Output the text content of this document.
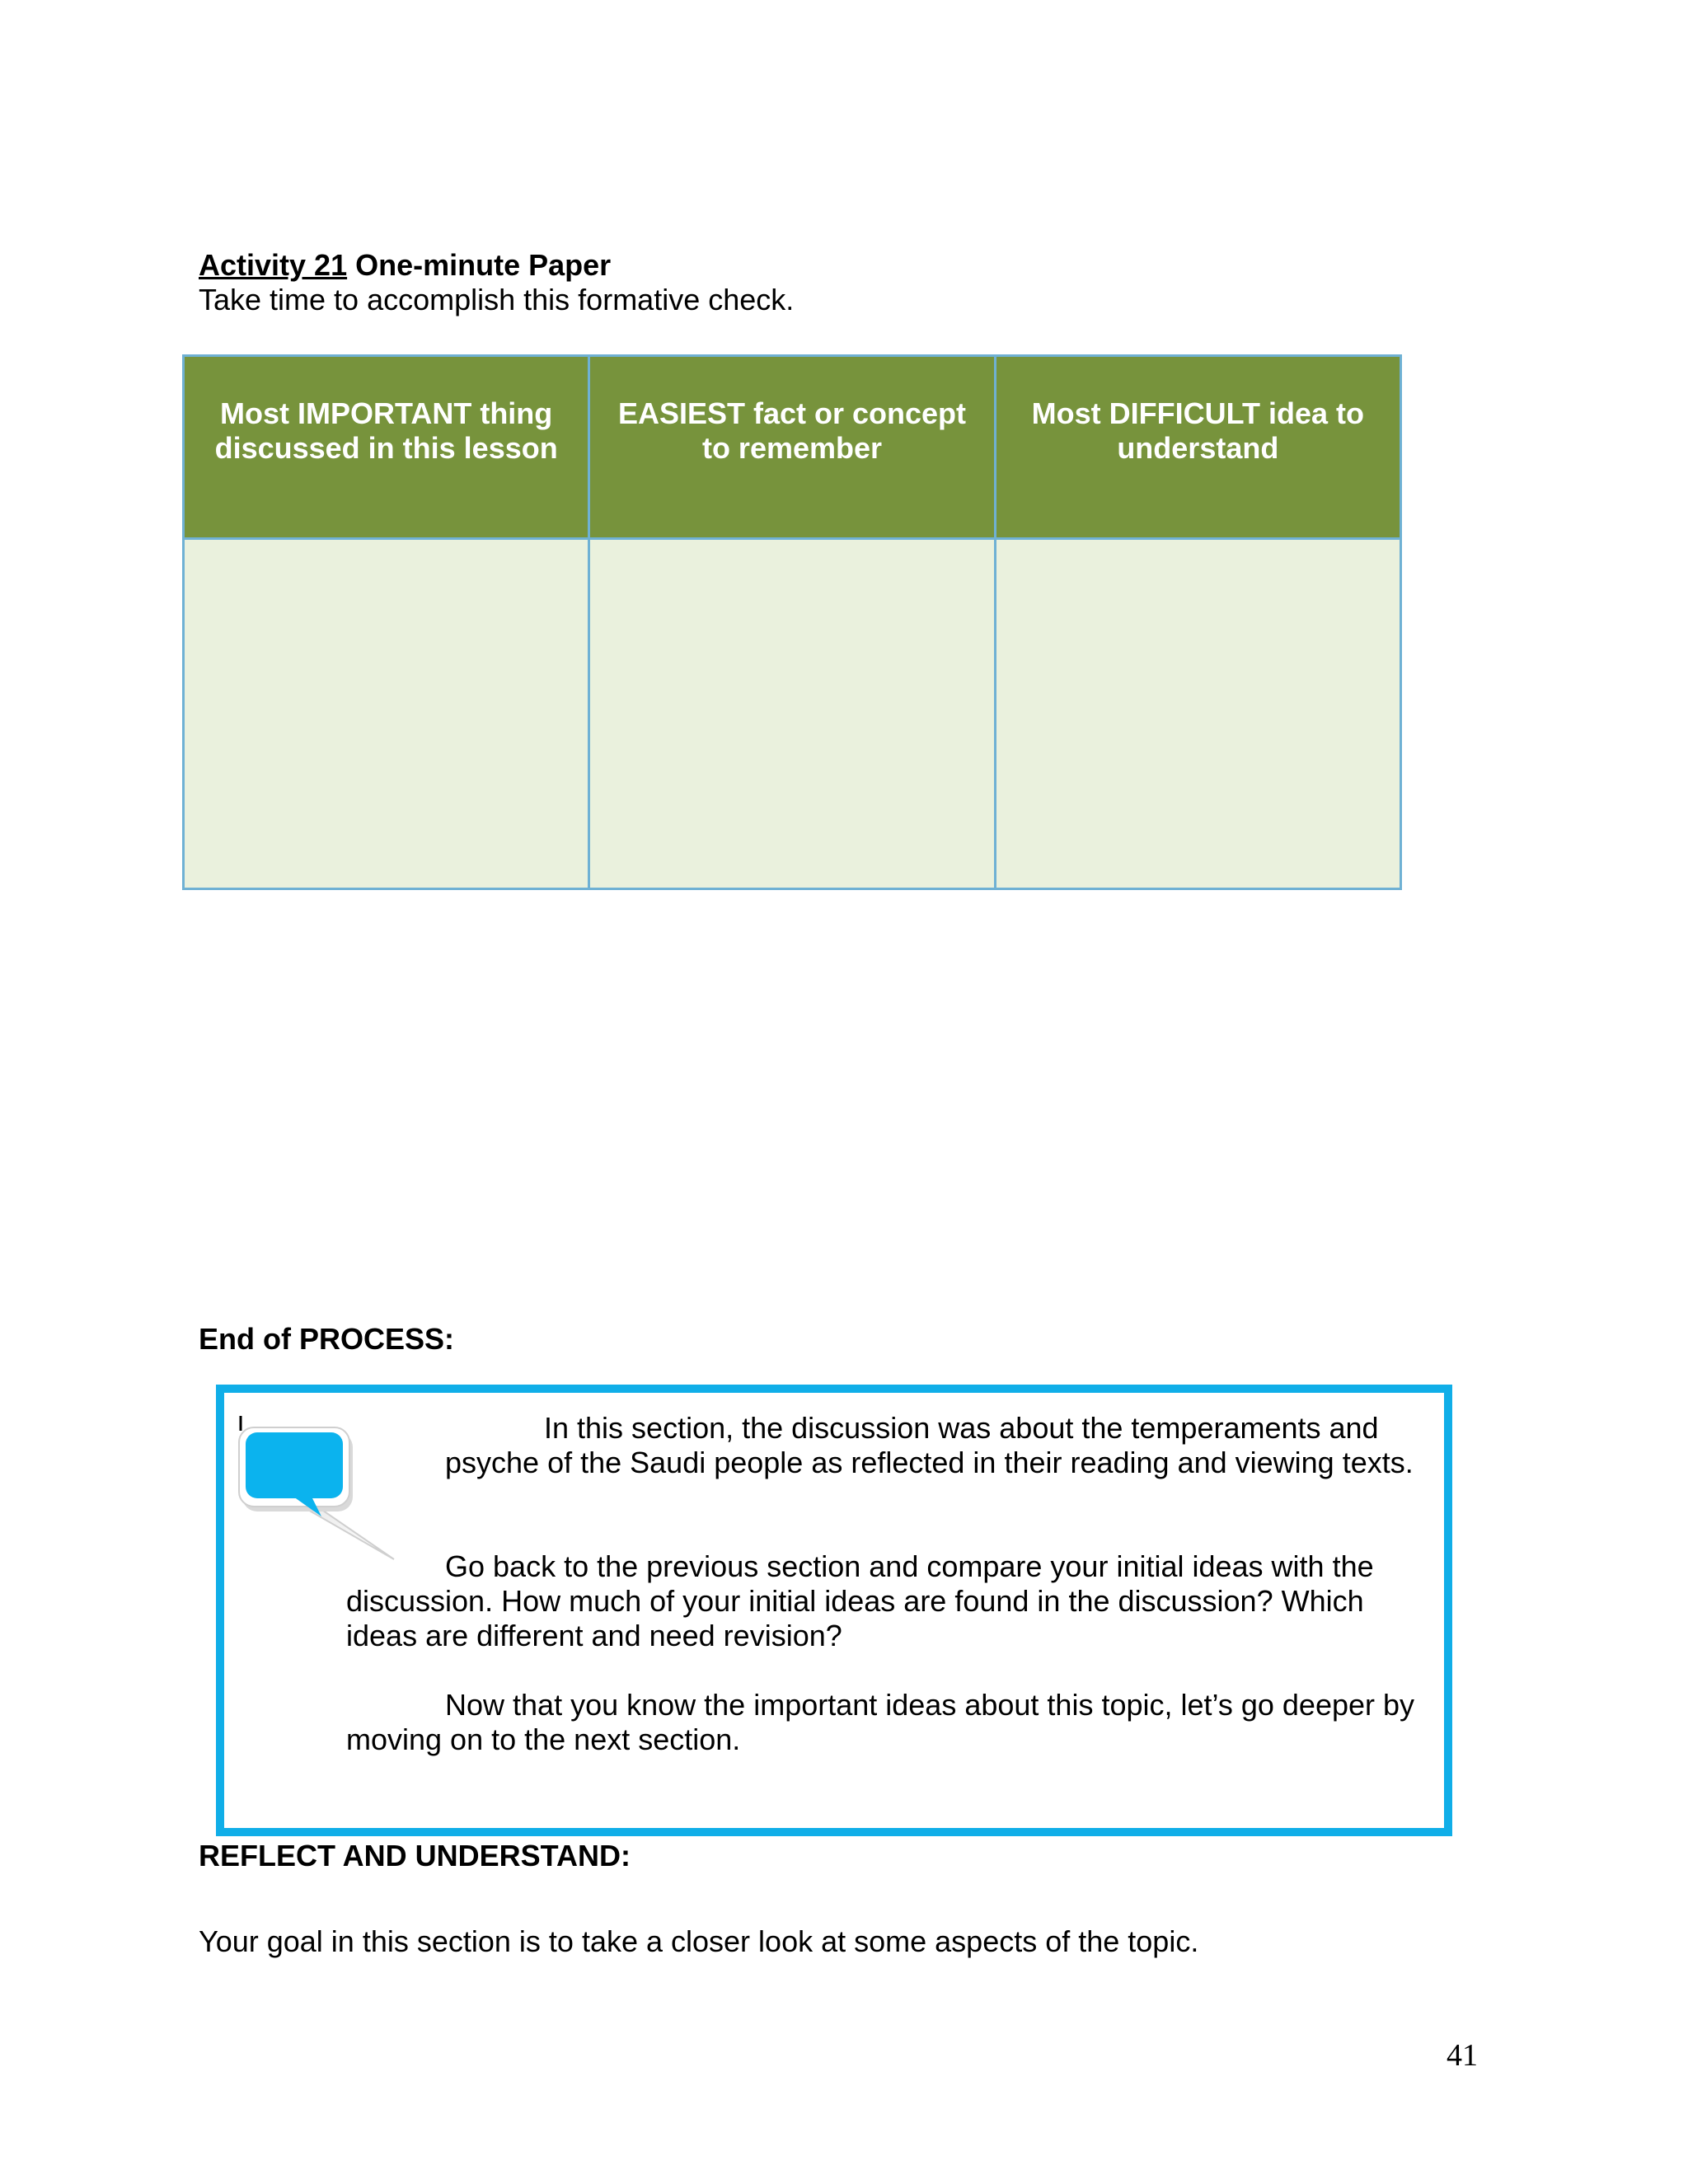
Activity 21 One-minute Paper
Take time to accomplish this formative check.
Most IMPORTANT thing discussed in this lesson	EASIEST fact or concept to remember	Most DIFFICULT idea to understand

End of PROCESS:

In this section, the discussion was about the temperaments and psyche of the Saudi people as reflected in their reading and viewing texts.

Go back to the previous section and compare your initial ideas with the discussion. How much of your initial ideas are found in the discussion? Which ideas are different and need revision?

Now that you know the important ideas about this topic, let’s go deeper by moving on to the next section.

REFLECT AND UNDERSTAND:
Your goal in this section is to take a closer look at some aspects of the topic.
41
